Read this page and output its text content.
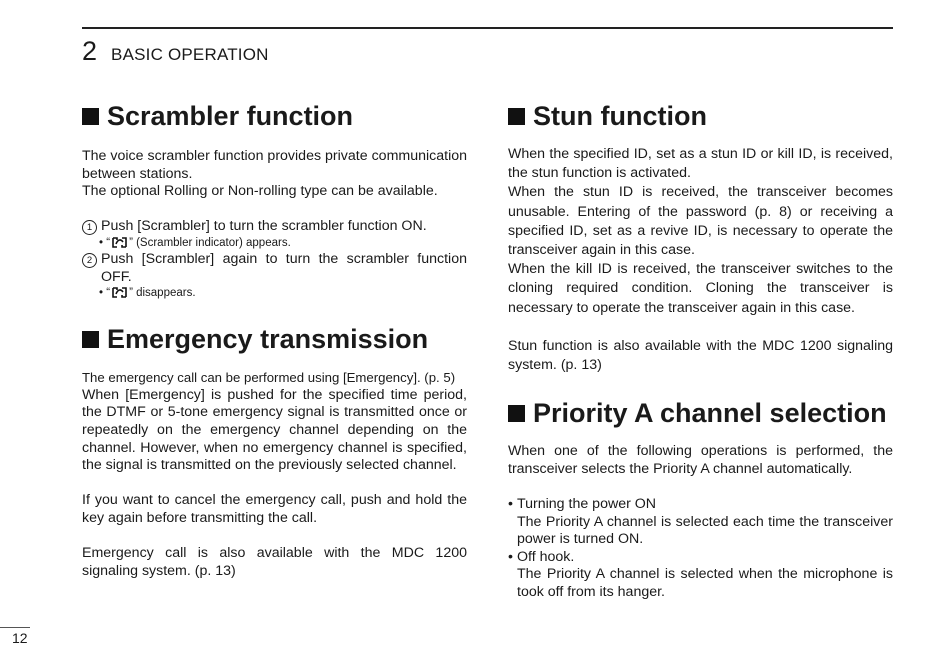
2 BASIC OPERATION
Scrambler function

The voice scrambler function provides private communication between stations.

The optional Rolling or Non-rolling type can be available.

1 Push [Scrambler] to turn the scrambler function ON.
• “ ” (Scrambler indicator) appears.
2 Push [Scrambler] again to turn the scrambler function OFF.
• “ ” disappears.
Emergency transmission

The emergency call can be performed using [Emergency]. (p. 5)

When [Emergency] is pushed for the specified time period, the DTMF or 5-tone emergency signal is transmitted once or repeatedly on the emergency channel depending on the channel. However, when no emergency channel is specified, the signal is transmitted on the previously selected channel.

If you want to cancel the emergency call, push and hold the key again before transmitting the call.

Emergency call is also available with the MDC 1200 signaling system. (p. 13)

Stun function

When the specified ID, set as a stun ID or kill ID, is received, the stun function is activated.

When the stun ID is received, the transceiver becomes unusable. Entering of the password (p. 8) or receiving a specified ID, set as a revive ID, is necessary to operate the transceiver again in this case.

When the kill ID is received, the transceiver switches to the cloning required condition. Cloning the transceiver is necessary to operate the transceiver again in this case.

Stun function is also available with the MDC 1200 signaling system. (p. 13)

Priority A channel selection

When one of the following operations is performed, the transceiver selects the Priority A channel automatically.

• Turning the power ON
The Priority A channel is selected each time the transceiver power is turned ON.
• Off hook.
The Priority A channel is selected when the microphone is took off from its hanger.
12
